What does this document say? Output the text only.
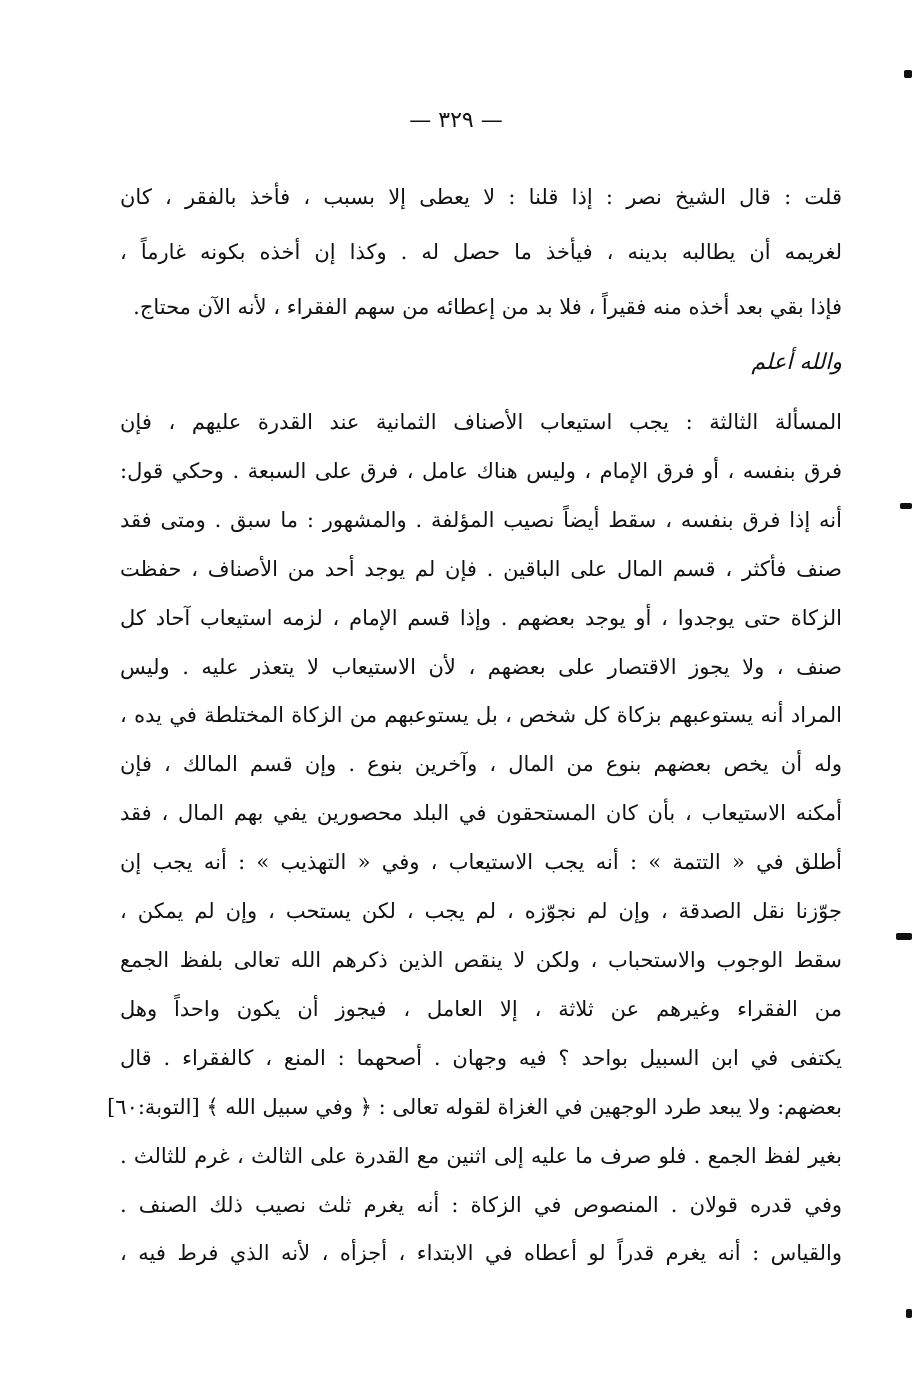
— ٣٢٩ —
قلت : قال الشيخ نصر : إذا قلنا : لا يعطى إلا بسبب ، فأخذ بالفقر ، كان
لغريمه أن يطالبه بدينه ، فيأخذ ما حصل له . وكذا إن أخذه بكونه غارماً ،
فإذا بقي بعد أخذه منه فقيراً ، فلا بد من إعطائه من سهم الفقراء ، لأنه الآن محتاج.
والله أعلم
المسألة الثالثة : يجب استيعاب الأصناف الثمانية عند القدرة عليهم ، فإن
فرق بنفسه ، أو فرق الإمام ، وليس هناك عامل ، فرق على السبعة . وحكي قول:
أنه إذا فرق بنفسه ، سقط أيضاً نصيب المؤلفة . والمشهور : ما سبق . ومتى فقد
صنف فأكثر ، قسم المال على الباقين . فإن لم يوجد أحد من الأصناف ، حفظت
الزكاة حتى يوجدوا ، أو يوجد بعضهم . وإذا قسم الإمام ، لزمه استيعاب آحاد كل
صنف ، ولا يجوز الاقتصار على بعضهم ، لأن الاستيعاب لا يتعذر عليه . وليس
المراد أنه يستوعبهم بزكاة كل شخص ، بل يستوعبهم من الزكاة المختلطة في يده ،
وله أن يخص بعضهم بنوع من المال ، وآخرين بنوع . وإن قسم المالك ، فإن
أمكنه الاستيعاب ، بأن كان المستحقون في البلد محصورين يفي بهم المال ، فقد
أطلق في « التتمة » : أنه يجب الاستيعاب ، وفي « التهذيب » : أنه يجب إن
جوّزنا نقل الصدقة ، وإن لم نجوّزه ، لم يجب ، لكن يستحب ، وإن لم يمكن ،
سقط الوجوب والاستحباب ، ولكن لا ينقص الذين ذكرهم الله تعالى بلفظ الجمع
من الفقراء وغيرهم عن ثلاثة ، إلا العامل ، فيجوز أن يكون واحداً وهل
يكتفى في ابن السبيل بواحد ؟ فيه وجهان . أصحهما : المنع ، كالفقراء . قال
بعضهم: ولا يبعد طرد الوجهين في الغزاة لقوله تعالى : ﴿ وفي سبيل الله ﴾ [التوبة:٦٠]
بغير لفظ الجمع . فلو صرف ما عليه إلى اثنين مع القدرة على الثالث ، غرم للثالث .
وفي قدره قولان . المنصوص في الزكاة : أنه يغرم ثلث نصيب ذلك الصنف .
والقياس : أنه يغرم قدراً لو أعطاه في الابتداء ، أجزأه ، لأنه الذي فرط فيه ،
